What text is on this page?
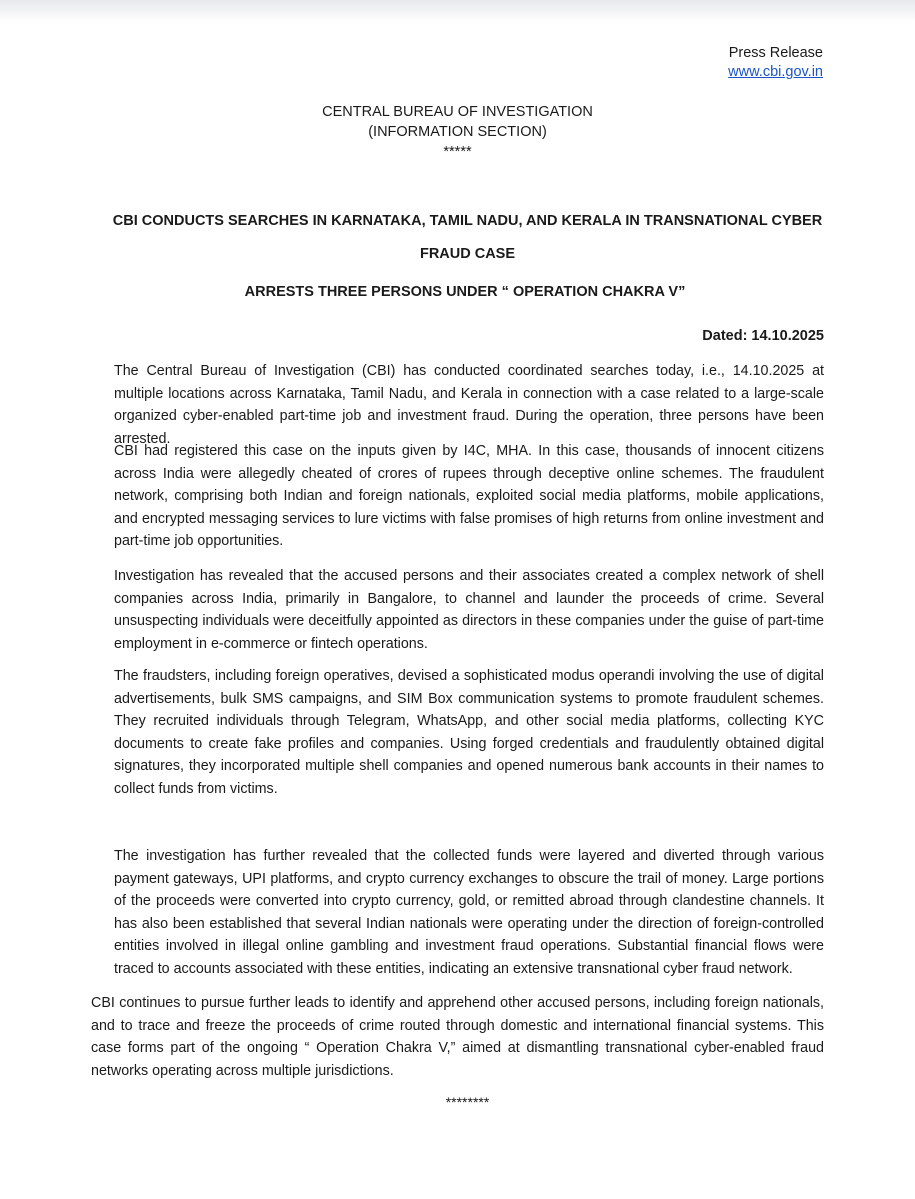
Press Release
www.cbi.gov.in
CENTRAL BUREAU OF INVESTIGATION
(INFORMATION SECTION)
*****
CBI CONDUCTS SEARCHES IN KARNATAKA, TAMIL NADU, AND KERALA IN TRANSNATIONAL CYBER FRAUD CASE
ARRESTS THREE PERSONS UNDER “ OPERATION CHAKRA V”
Dated: 14.10.2025

The Central Bureau of Investigation (CBI) has conducted coordinated searches today, i.e., 14.10.2025 at multiple locations across Karnataka, Tamil Nadu, and Kerala in connection with a case related to a large-scale organized cyber-enabled part-time job and investment fraud. During the operation, three persons have been arrested.

CBI had registered this case on the inputs given by I4C, MHA. In this case, thousands of innocent citizens across India were allegedly cheated of crores of rupees through deceptive online schemes. The fraudulent network, comprising both Indian and foreign nationals, exploited social media platforms, mobile applications, and encrypted messaging services to lure victims with false promises of high returns from online investment and part-time job opportunities.

Investigation has revealed that the accused persons and their associates created a complex network of shell companies across India, primarily in Bangalore, to channel and launder the proceeds of crime. Several unsuspecting individuals were deceitfully appointed as directors in these companies under the guise of part-time employment in e-commerce or fintech operations.

The fraudsters, including foreign operatives, devised a sophisticated modus operandi involving the use of digital advertisements, bulk SMS campaigns, and SIM Box communication systems to promote fraudulent schemes. They recruited individuals through Telegram, WhatsApp, and other social media platforms, collecting KYC documents to create fake profiles and companies. Using forged credentials and fraudulently obtained digital signatures, they incorporated multiple shell companies and opened numerous bank accounts in their names to collect funds from victims.

The investigation has further revealed that the collected funds were layered and diverted through various payment gateways, UPI platforms, and crypto currency exchanges to obscure the trail of money. Large portions of the proceeds were converted into crypto currency, gold, or remitted abroad through clandestine channels. It has also been established that several Indian nationals were operating under the direction of foreign-controlled entities involved in illegal online gambling and investment fraud operations. Substantial financial flows were traced to accounts associated with these entities, indicating an extensive transnational cyber fraud network.

CBI continues to pursue further leads to identify and apprehend other accused persons, including foreign nationals, and to trace and freeze the proceeds of crime routed through domestic and international financial systems. This case forms part of the ongoing “ Operation Chakra V,” aimed at dismantling transnational cyber-enabled fraud networks operating across multiple jurisdictions.

********
